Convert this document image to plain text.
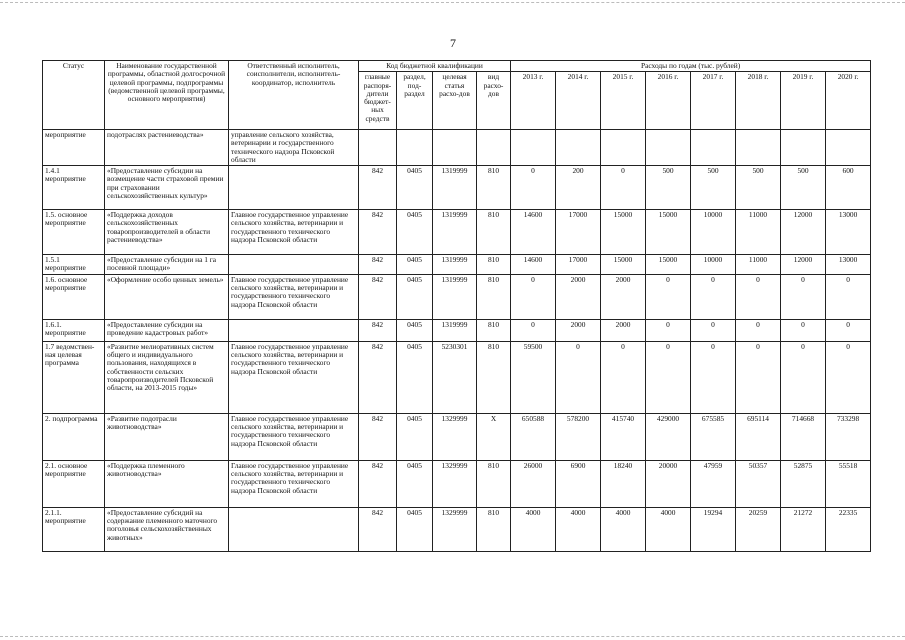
7
Статус	Наименование государственной программы, областной долгосрочной целевой программы, подпрограммы (ведомственной целевой программы, основного мероприятия)	Ответственный исполнитель, соисполнители, исполнитель-координатор, исполнитель	Код бюджетной квалификации				Расходы по годам (тыс. рублей)							
			главные распоря-дители бюджет-ных средств	раздел, под-раздел	целевая статья расхо-дов	вид расхо-дов	2013 г.	2014 г.	2015 г.	2016 г.	2017 г.	2018 г.	2019 г.	2020 г.
мероприятие	подотраслях растениеводства»	управление сельского хозяйства, ветеринарии и государственного технического надзора Псковской области												
1.4.1 мероприятие	«Предоставление субсидии на возмещение части страховой премии при страховании сельскохозяйственных культур»		842	0405	1319999	810	0	200	0	500	500	500	500	600
1.5. основное мероприятие	«Поддержка доходов сельскохозяйственных товаропроизводителей в области растениеводства»	Главное государственное управление сельского хозяйства, ветеринарии и государственного технического надзора Псковской области	842	0405	1319999	810	14600	17000	15000	15000	10000	11000	12000	13000
1.5.1 мероприятие	«Предоставление субсидии на 1 га посевной площади»		842	0405	1319999	810	14600	17000	15000	15000	10000	11000	12000	13000
1.6. основное мероприятие	«Оформление особо ценных земель»	Главное государственное управление сельского хозяйства, ветеринарии и государственного технического надзора Псковской области	842	0405	1319999	810	0	2000	2000	0	0	0	0	0
1.6.1. мероприятие	«Предоставление субсидии на проведение кадастровых работ»		842	0405	1319999	810	0	2000	2000	0	0	0	0	0
1.7 ведомствен-ная целевая программа	«Развитие мелиоративных систем общего и индивидуального пользования, находящихся в собственности сельских товаропроизводителей Псковской области, на 2013-2015 годы»	Главное государственное управление сельского хозяйства, ветеринарии и государственного технического надзора Псковской области	842	0405	5230301	810	59500	0	0	0	0	0	0	0
2. подпрограмма	«Развитие подотрасли животноводства»	Главное государственное управление сельского хозяйства, ветеринарии и государственного технического надзора Псковской области	842	0405	1329999	Х	650588	578200	415740	429000	675585	695114	714668	733298
2.1. основное мероприятие	«Поддержка племенного животноводства»	Главное государственное управление сельского хозяйства, ветеринарии и государственного технического надзора Псковской области	842	0405	1329999	810	26000	6900	18240	20000	47959	50357	52875	55518
2.1.1. мероприятие	«Предоставление субсидий на содержание племенного маточного поголовья сельскохозяйственных животных»		842	0405	1329999	810	4000	4000	4000	4000	19294	20259	21272	22335
